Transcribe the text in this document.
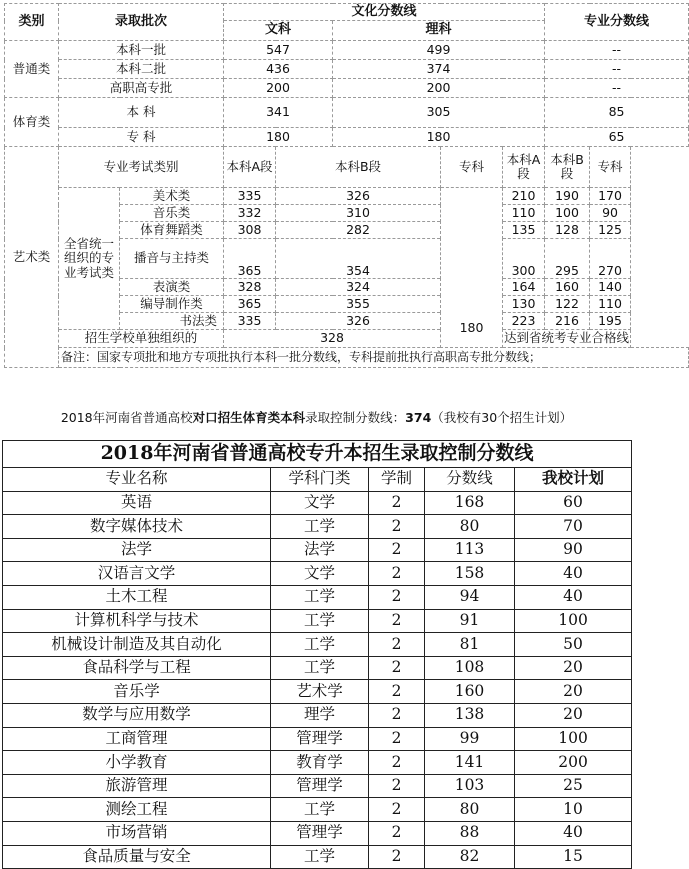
类别	录取批次		文化分数线					专业分数线	
			文科		理科				
普通类	本科一批		547		499			--	
	本科二批		436		374			--	
	高职高专批		200		200			--	
体育类	本 科		341		305			85	
	专 科		180		180			65	
艺术类	专业考试类别		本科A段	本科B段		专科	本科A段	本科B段	专科
	全省统一组织的专业考试类	美术类	335	326		180	210	190	170
		音乐类	332	310			110	100	90
		体育舞蹈类	308	282			135	128	125
		播音与主持类	365	354			300	295	270
		表演类	328	324			164	160	140
		编导制作类	365	355			130	122	110
		书法类	335	326			223	216	195
	招生学校单独组织的		328				达到省统考专业合格线		
	备注：国家专项批和地方专项批执行本科一批分数线，专科提前批执行高职高专批分数线；								
2018年河南省普通高校对口招生体育类本科录取控制分数线：374（我校有30个招生计划）
2018年河南省普通高校专升本招生录取控制分数线				
专业名称	学科门类	学制	分数线	我校计划
英语	文学	2	168	60
数字媒体技术	工学	2	80	70
法学	法学	2	113	90
汉语言文学	文学	2	158	40
土木工程	工学	2	94	40
计算机科学与技术	工学	2	91	100
机械设计制造及其自动化	工学	2	81	50
食品科学与工程	工学	2	108	20
音乐学	艺术学	2	160	20
数学与应用数学	理学	2	138	20
工商管理	管理学	2	99	100
小学教育	教育学	2	141	200
旅游管理	管理学	2	103	25
测绘工程	工学	2	80	10
市场营销	管理学	2	88	40
食品质量与安全	工学	2	82	15
